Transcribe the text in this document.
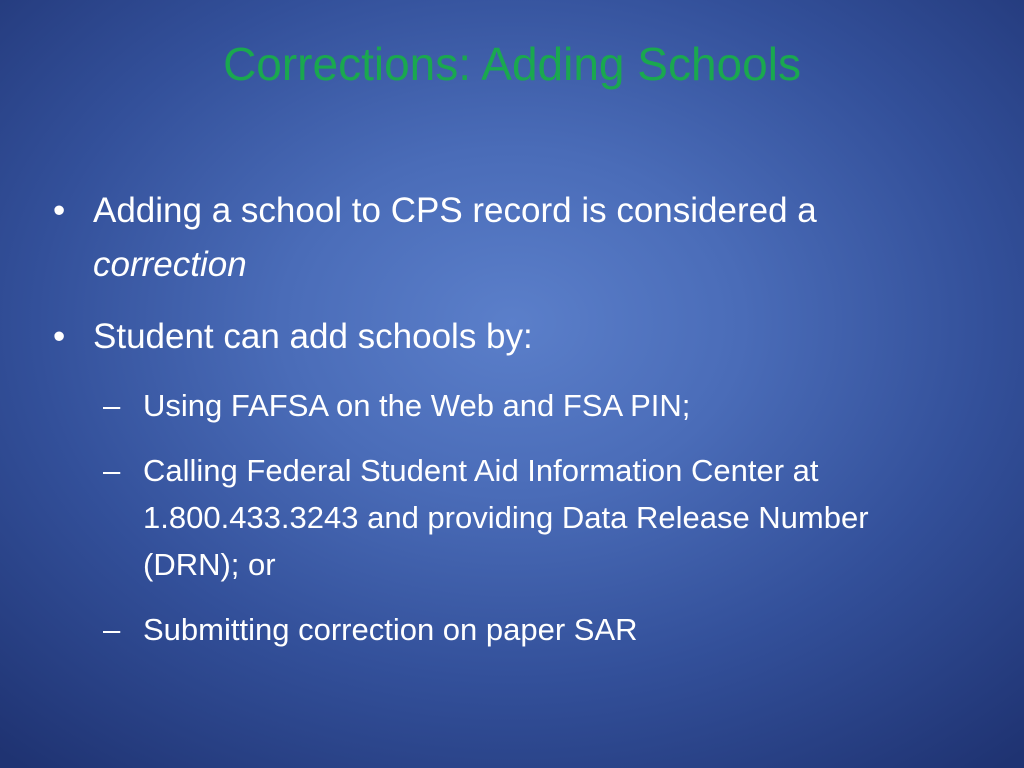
Corrections: Adding Schools
• Adding a school to CPS record is considered a correction
• Student can add schools by:
– Using FAFSA on the Web and FSA PIN;
– Calling Federal Student Aid Information Center at 1.800.433.3243 and providing Data Release Number (DRN); or
– Submitting correction on paper SAR
